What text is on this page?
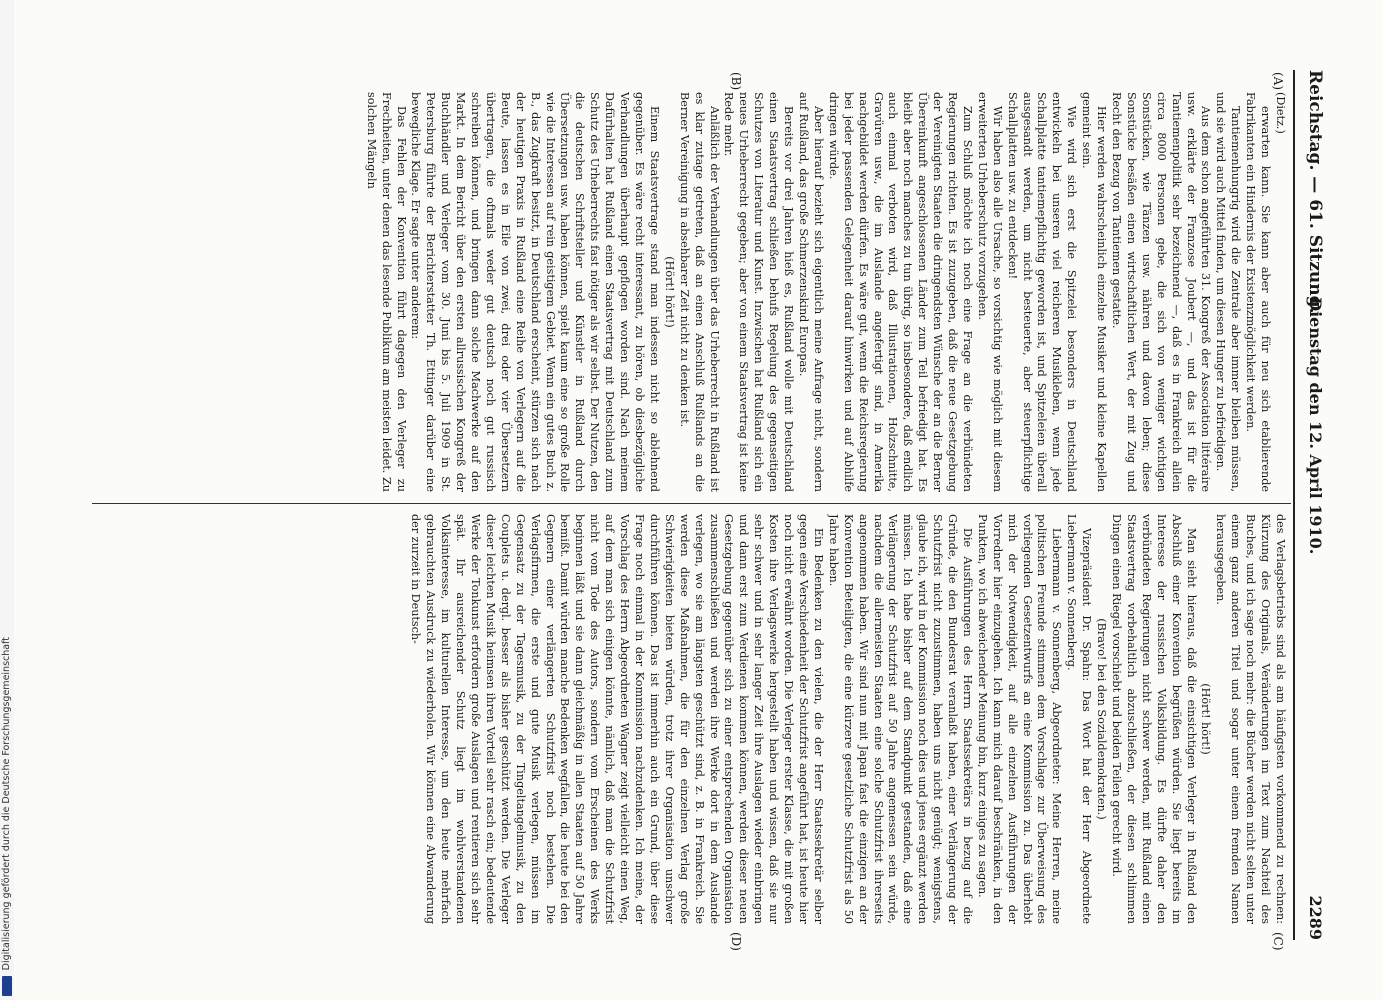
Reichstag. — 61. Sitzung.
Dienstag den 12. April 1910.  2289
(A)
(B)
(C)
(D)

(Dietz.)

erwarten kann. Sie kann aber auch für neu sich etablierende Fabrikanten ein Hindernis der Existenzmöglichkeit werden.

Tantiemenhungrig wird die Zentrale aber immer bleiben müssen, und sie wird auch Mittel finden, um diesen Hunger zu befriedigen.

Aus dem schon angeführten 31. Kongreß der Association littéraire usw. erklärte der Franzose Joubert —, und das ist für die Tantiemenpolitik sehr bezeichnend —, daß es in Frankreich allein circa 8000 Personen gebe, die sich von weniger wichtigen Sonstücken, wie Tänzen usw. nähren und davon leben; diese Sonstücke besäßen einen wirtschaftlichen Wert, der mit Zug und Recht den Bezug von Tantiemen gestatte.

Hier werden wahrscheinlich einzelne Musiker und kleine Kapellen gemeint sein.

Wie wird sich erst die Spitzelei besonders in Deutschland entwickeln bei unseren viel reicheren Musikleben, wenn jede Schallplatte tantiemepflichtig geworden ist, und Spitzeleien überall ausgesandt werden, um nicht besteuerte, aber steuerpflichtige Schallplatten usw. zu entdecken!

Wir haben also alle Ursache, so vorsichtig wie möglich mit diesem erweiterten Urheberschutz vorzugehen.

Zum Schluß möchte ich noch eine Frage an die verbündeten Regierungen richten. Es ist zuzugeben, daß die neue Gesetzgebung der Vereinigten Staaten die dringendsten Wünsche der an die Berner Übereinkunft angeschlossenen Länder zum Teil befriedigt hat. Es bleibt aber noch manches zu tun übrig, so insbesondere, daß endlich auch einmal verboten wird, daß Illustrationen, Holzschnitte, Gravüren usw., die im Auslande angefertigt sind, in Amerika nachgebildet werden dürfen. Es wäre gut, wenn die Reichsregierung bei jeder passenden Gelegenheit darauf hinwirken und auf Abhilfe dringen würde.

Aber hierauf bezieht sich eigentlich meine Anfrage nicht, sondern auf Rußland, das große Schmerzenskind Europas.

Bereits vor drei Jahren hieß es, Rußland wolle mit Deutschland einen Staatsvertrag schließen behufs Regelung des gegenseitigen Schutzes von Literatur und Kunst. Inzwischen hat Rußland sich ein neues Urheberrecht gegeben; aber von einem Staatsvertrag ist keine Rede mehr.

Anläßlich der Verhandlungen über das Urheberrecht in Rußland ist es klar zutage getreten, daß an einen Anschluß Rußlands an die Berner Vereinigung in absehbarer Zeit nicht zu denken ist.

(Hört! hört!)

Einem Staatsvertrage stand man indessen nicht so ablehnend gegenüber. Es wäre recht interessant, zu hören, ob diesbezügliche Verhandlungen überhaupt gepflogen worden sind. Nach meinem Dafürhalten hat Rußland einen Staatsvertrag mit Deutschland zum Schutz des Urheberrechts fast nötiger als wir selbst. Der Nutzen, den die deutschen Schriftsteller und Künstler in Rußland durch Übersetzungen usw. haben können, spielt kaum eine so große Rolle wie die Interessen auf rein geistigem Gebiet. Wenn ein gutes Buch z. B., das Zugkraft besitzt, in Deutschland erscheint, stürzen sich nach der heutigen Praxis in Rußland eine Reihe von Verlegern auf die Beute, lassen es in Eile von zwei, drei oder vier Übersetzern übertragen, die oftmals weder gut deutsch noch gut russisch schreiben können, und bringen dann solche Machwerke auf den Markt. In dem Bericht über den ersten allrussischen Kongreß der Buchhändler und Verleger vom 30. Juni bis 5. Juli 1909 in St. Petersburg führte der Berichterstatter Th. Ettinger darüber eine bewegliche Klage. Er sagte unter anderem:

Das Fehlen der Konvention führt dagegen den Verleger zu Frechheiten, unter denen das lesende Publikum am meisten leidet. Zu solchen Mängeln

des Verlagsbetriebs sind als am häufigsten vorkommend zu rechnen: Kürzung des Originals, Veränderungen im Text zum Nachteil des Buches, und ich sage noch mehr: die Bücher werden nicht selten unter einem ganz anderen Titel und sogar unter einem fremden Namen herausgegeben.

(Hört! hört!)

Man sieht hieraus, daß die einsichtigen Verleger in Rußland den Abschluß einer Konvention begrüßen würden. Sie liegt bereits im Interesse der russischen Volksbildung. Es dürfte daher den verbündeten Regierungen nicht schwer werden, mit Rußland einen Staatsvertrag vorbehaltlich abzuschließen, der diesen schlimmen Dingen einen Riegel vorschiebt und beiden Teilen gerecht wird.

(Bravo! bei den Sozialdemokraten.)

Vizepräsident Dr. Spahn: Das Wort hat der Herr Abgeordnete Liebermann v. Sonnenberg.

Liebermann v. Sonnenberg, Abgeordneter: Meine Herren, meine politischen Freunde stimmen dem Vorschlage zur Überweisung des vorliegenden Gesetzentwurfs an eine Kommission zu. Das überhebt mich der Notwendigkeit, auf alle einzelnen Ausführungen der Vorredner hier einzugehen. Ich kann mich darauf beschränken, in den Punkten, wo ich abweichender Meinung bin, kurz einiges zu sagen.

Die Ausführungen des Herrn Staatssekretärs in bezug auf die Gründe, die den Bundesrat veranlaßt haben, einer Verlängerung der Schutzfrist nicht zuzustimmen, haben uns nicht genügt; wenigstens, glaube ich, wird in der Kommission noch dies und jenes ergänzt werden müssen. Ich habe bisher auf dem Standpunkt gestanden, daß eine Verlängerung der Schutzfrist auf 50 Jahre angemessen sein würde, nachdem die allermeisten Staaten eine solche Schutzfrist ihrerseits angenommen haben. Wir sind nun mit Japan fast die einzigen an der Konvention Beteiligten, die eine kürzere gesetzliche Schutzfrist als 50 Jahre haben.

Ein Bedenken zu den vielen, die der Herr Staatssekretär selber gegen eine Verschiedenheit der Schutzfrist angeführt hat, ist heute hier noch nicht erwähnt worden. Die Verleger erster Klasse, die mit großen Kosten ihre Verlagswerke hergestellt haben und wissen, daß sie nur sehr schwer und in sehr langer Zeit ihre Auslagen wieder einbringen und dann erst zum Verdienen kommen können, werden dieser neuen Gesetzgebung gegenüber sich zu einer entsprechenden Organisation zusammenschließen und werden ihre Werke dort in dem Auslande verlegen, wo sie am längsten geschützt sind, z. B. in Frankreich. Sie werden diese Maßnahmen, die für den einzelnen Verlag große Schwierigkeiten bieten würden, trotz ihrer Organisation unschwer durchführen können. Das ist immerhin auch ein Grund, über diese Frage noch einmal in der Kommission nachzudenken. Ich meine, der Vorschlag des Herrn Abgeordneten Wagner zeigt vielleicht einen Weg, auf dem man sich einigen könnte, nämlich, daß man die Schutzfrist nicht vom Tode des Autors, sondern vom Erscheinen des Werks beginnen läßt und sie dann gleichmäßig in allen Staaten auf 50 Jahre bemißt. Damit würden manche Bedenken wegfallen, die heute bei den Gegnern einer verlängerten Schutzfrist noch bestehen. Die Verlagsfirmen, die erste und gute Musik verlegen, müssen im Gegensatz zu der Tagesmusik, zu der Tingeltangelmusik, zu den Couplets u. dergl. besser als bisher geschützt werden. Die Verleger dieser leichten Musik heimsen ihren Vorteil sehr rasch ein; bedeutende Werke der Tonkunst erfordern große Auslagen und rentieren sich sehr spät. Ihr ausreichender Schutz liegt im wohlverstandenen Volksinteresse, im kulturellen Interesse, um den heute mehrfach gebrauchten Ausdruck zu wiederholen. Wir können eine Abwanderung der zurzeit in Deutsch-

Digitalisierung gefördert durch die Deutsche Forschungsgemeinschaft
